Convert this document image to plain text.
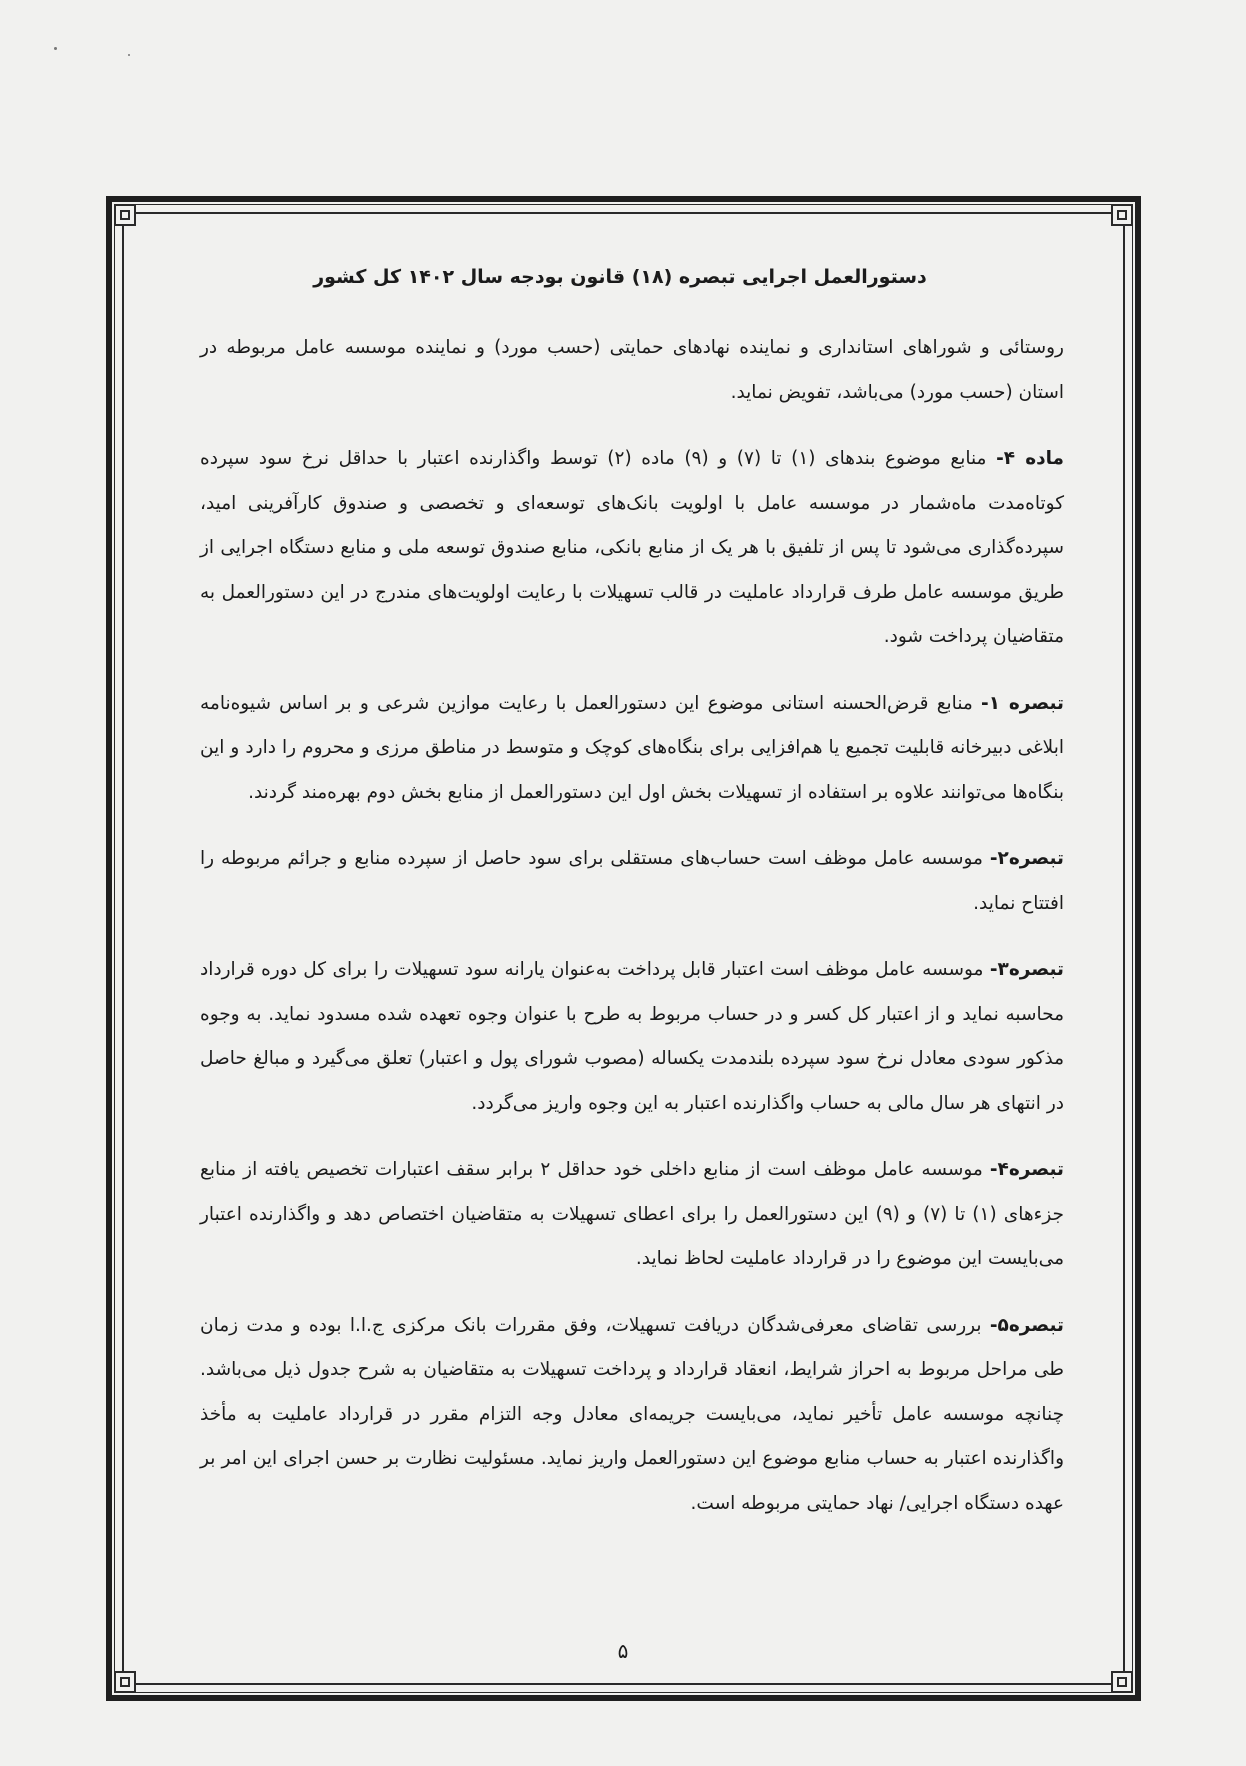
دستورالعمل اجرایی تبصره (۱۸) قانون بودجه سال ۱۴۰۲ کل کشور

روستائی و شوراهای استانداری و نماینده نهادهای حمایتی (حسب مورد) و نماینده موسسه عامل مربوطه در استان (حسب مورد) می‌باشد، تفویض نماید.

ماده ۴- منابع موضوع بندهای (۱) تا (۷) و (۹) ماده (۲) توسط واگذارنده اعتبار با حداقل نرخ سود سپرده کوتاه‌مدت ماه‌شمار در موسسه عامل با اولویت بانک‌های توسعه‌ای و تخصصی و صندوق کارآفرینی امید، سپرده‌گذاری می‌شود تا پس از تلفیق با هر یک از منابع بانکی، منابع صندوق توسعه ملی و منابع دستگاه اجرایی از طریق موسسه عامل طرف قرارداد عاملیت در قالب تسهیلات با رعایت اولویت‌های مندرج در این دستورالعمل به متقاضیان پرداخت شود.

تبصره ۱- منابع قرض‌الحسنه استانی موضوع این دستورالعمل با رعایت موازین شرعی و بر اساس شیوه‌نامه ابلاغی دبیرخانه قابلیت تجمیع یا هم‌افزایی برای بنگاه‌های کوچک و متوسط در مناطق مرزی و محروم را دارد و این بنگاه‌ها می‌توانند علاوه بر استفاده از تسهیلات بخش اول این دستورالعمل از منابع بخش دوم بهره‌مند گردند.

تبصره۲- موسسه عامل موظف است حساب‌های مستقلی برای سود حاصل از سپرده منابع و جرائم مربوطه را افتتاح نماید.

تبصره۳- موسسه عامل موظف است اعتبار قابل پرداخت به‌عنوان یارانه سود تسهیلات را برای کل دوره قرارداد محاسبه نماید و از اعتبار کل کسر و در حساب مربوط به طرح با عنوان وجوه تعهده شده مسدود نماید. به وجوه مذکور سودی معادل نرخ سود سپرده بلندمدت یکساله (مصوب شورای پول و اعتبار) تعلق می‌گیرد و مبالغ حاصل در انتهای هر سال مالی به حساب واگذارنده اعتبار به این وجوه واریز می‌گردد.

تبصره۴- موسسه عامل موظف است از منابع داخلی خود حداقل ۲ برابر سقف اعتبارات تخصیص یافته از منابع جزءهای (۱) تا (۷) و (۹) این دستورالعمل را برای اعطای تسهیلات به متقاضیان اختصاص دهد و واگذارنده اعتبار می‌بایست این موضوع را در قرارداد عاملیت لحاظ نماید.

تبصره۵- بررسی تقاضای معرفی‌شدگان دریافت تسهیلات، وفق مقررات بانک مرکزی ج.ا.ا بوده و مدت زمان طی مراحل مربوط به احراز شرایط، انعقاد قرارداد و پرداخت تسهیلات به متقاضیان به شرح جدول ذیل می‌باشد. چنانچه موسسه عامل تأخیر نماید، می‌بایست جریمه‌ای معادل وجه التزام مقرر در قرارداد عاملیت به مأخذ واگذارنده اعتبار به حساب منابع موضوع این دستورالعمل واریز نماید. مسئولیت نظارت بر حسن اجرای این امر بر عهده دستگاه اجرایی/ نهاد حمایتی مربوطه است.

۵
